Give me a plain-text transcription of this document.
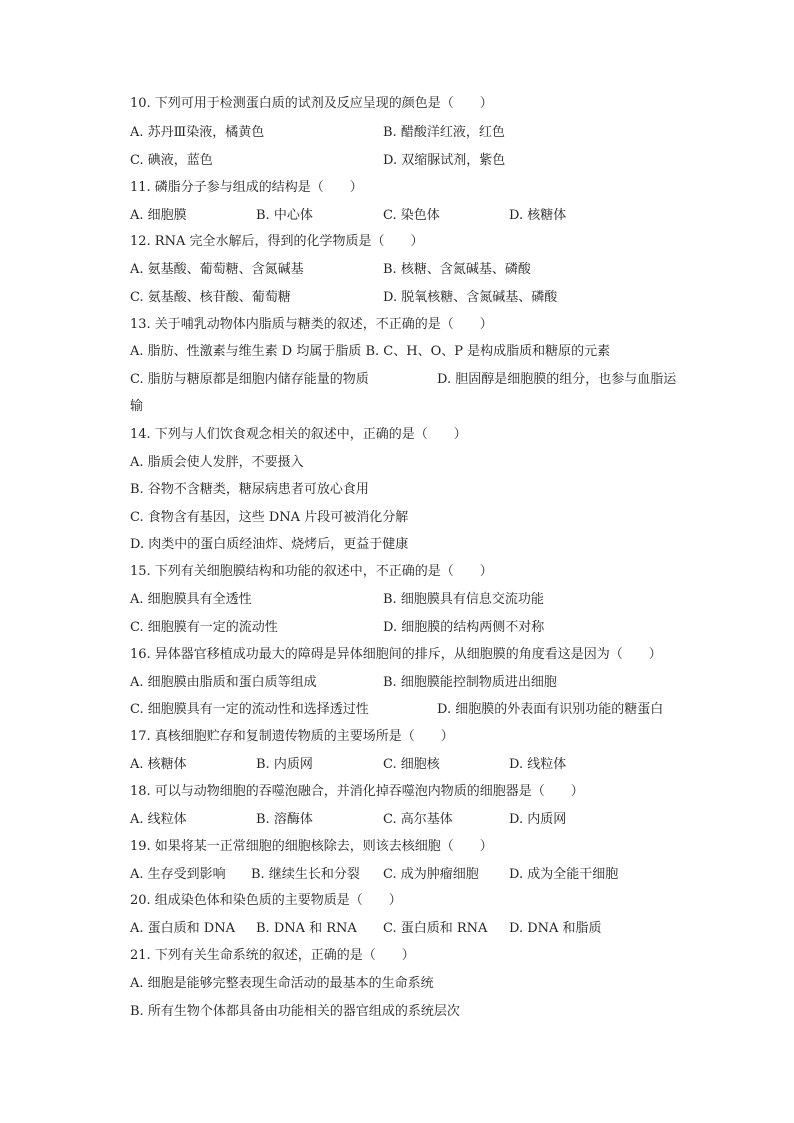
10. 下列可用于检测蛋白质的试剂及反应呈现的颜色是（　　）
A. 苏丹Ⅲ染液，橘黄色	B. 醋酸洋红液，红色
C. 碘液，蓝色	D. 双缩脲试剂，紫色
11. 磷脂分子参与组成的结构是（　　）
A. 细胞膜	B. 中心体	C. 染色体	D. 核糖体
12. RNA 完全水解后，得到的化学物质是（　　）
A. 氨基酸、葡萄糖、含氮碱基	B. 核糖、含氮碱基、磷酸
C. 氨基酸、核苷酸、葡萄糖	D. 脱氧核糖、含氮碱基、磷酸
13. 关于哺乳动物体内脂质与糖类的叙述，不正确的是（　　）
A. 脂肪、性激素与维生素 D 均属于脂质 B. C、H、O、P 是构成脂质和糖原的元素
C. 脂肪与糖原都是细胞内储存能量的物质	D. 胆固醇是细胞膜的组分，也参与血脂运
输
14. 下列与人们饮食观念相关的叙述中，正确的是（　　）
A. 脂质会使人发胖，不要摄入
B. 谷物不含糖类，糖尿病患者可放心食用
C. 食物含有基因，这些 DNA 片段可被消化分解
D. 肉类中的蛋白质经油炸、烧烤后，更益于健康
15. 下列有关细胞膜结构和功能的叙述中，不正确的是（　　）
A. 细胞膜具有全透性	B. 细胞膜具有信息交流功能
C. 细胞膜有一定的流动性	D. 细胞膜的结构两侧不对称
16. 异体器官移植成功最大的障碍是异体细胞间的排斥，从细胞膜的角度看这是因为（　　）
A. 细胞膜由脂质和蛋白质等组成	B. 细胞膜能控制物质进出细胞
C. 细胞膜具有一定的流动性和选择透过性	D. 细胞膜的外表面有识别功能的糖蛋白
17. 真核细胞贮存和复制遗传物质的主要场所是（　　）
A. 核糖体	B. 内质网	C. 细胞核	D. 线粒体
18. 可以与动物细胞的吞噬泡融合，并消化掉吞噬泡内物质的细胞器是（　　）
A. 线粒体	B. 溶酶体	C. 高尔基体	D. 内质网
19. 如果将某一正常细胞的细胞核除去，则该去核细胞（　　）
A. 生存受到影响 B. 继续生长和分裂 C. 成为肿瘤细胞 D. 成为全能干细胞
20. 组成染色体和染色质的主要物质是（　　）
A. 蛋白质和 DNA B. DNA 和 RNA C. 蛋白质和 RNA D. DNA 和脂质
21. 下列有关生命系统的叙述，正确的是（　　）
A. 细胞是能够完整表现生命活动的最基本的生命系统
B. 所有生物个体都具备由功能相关的器官组成的系统层次
